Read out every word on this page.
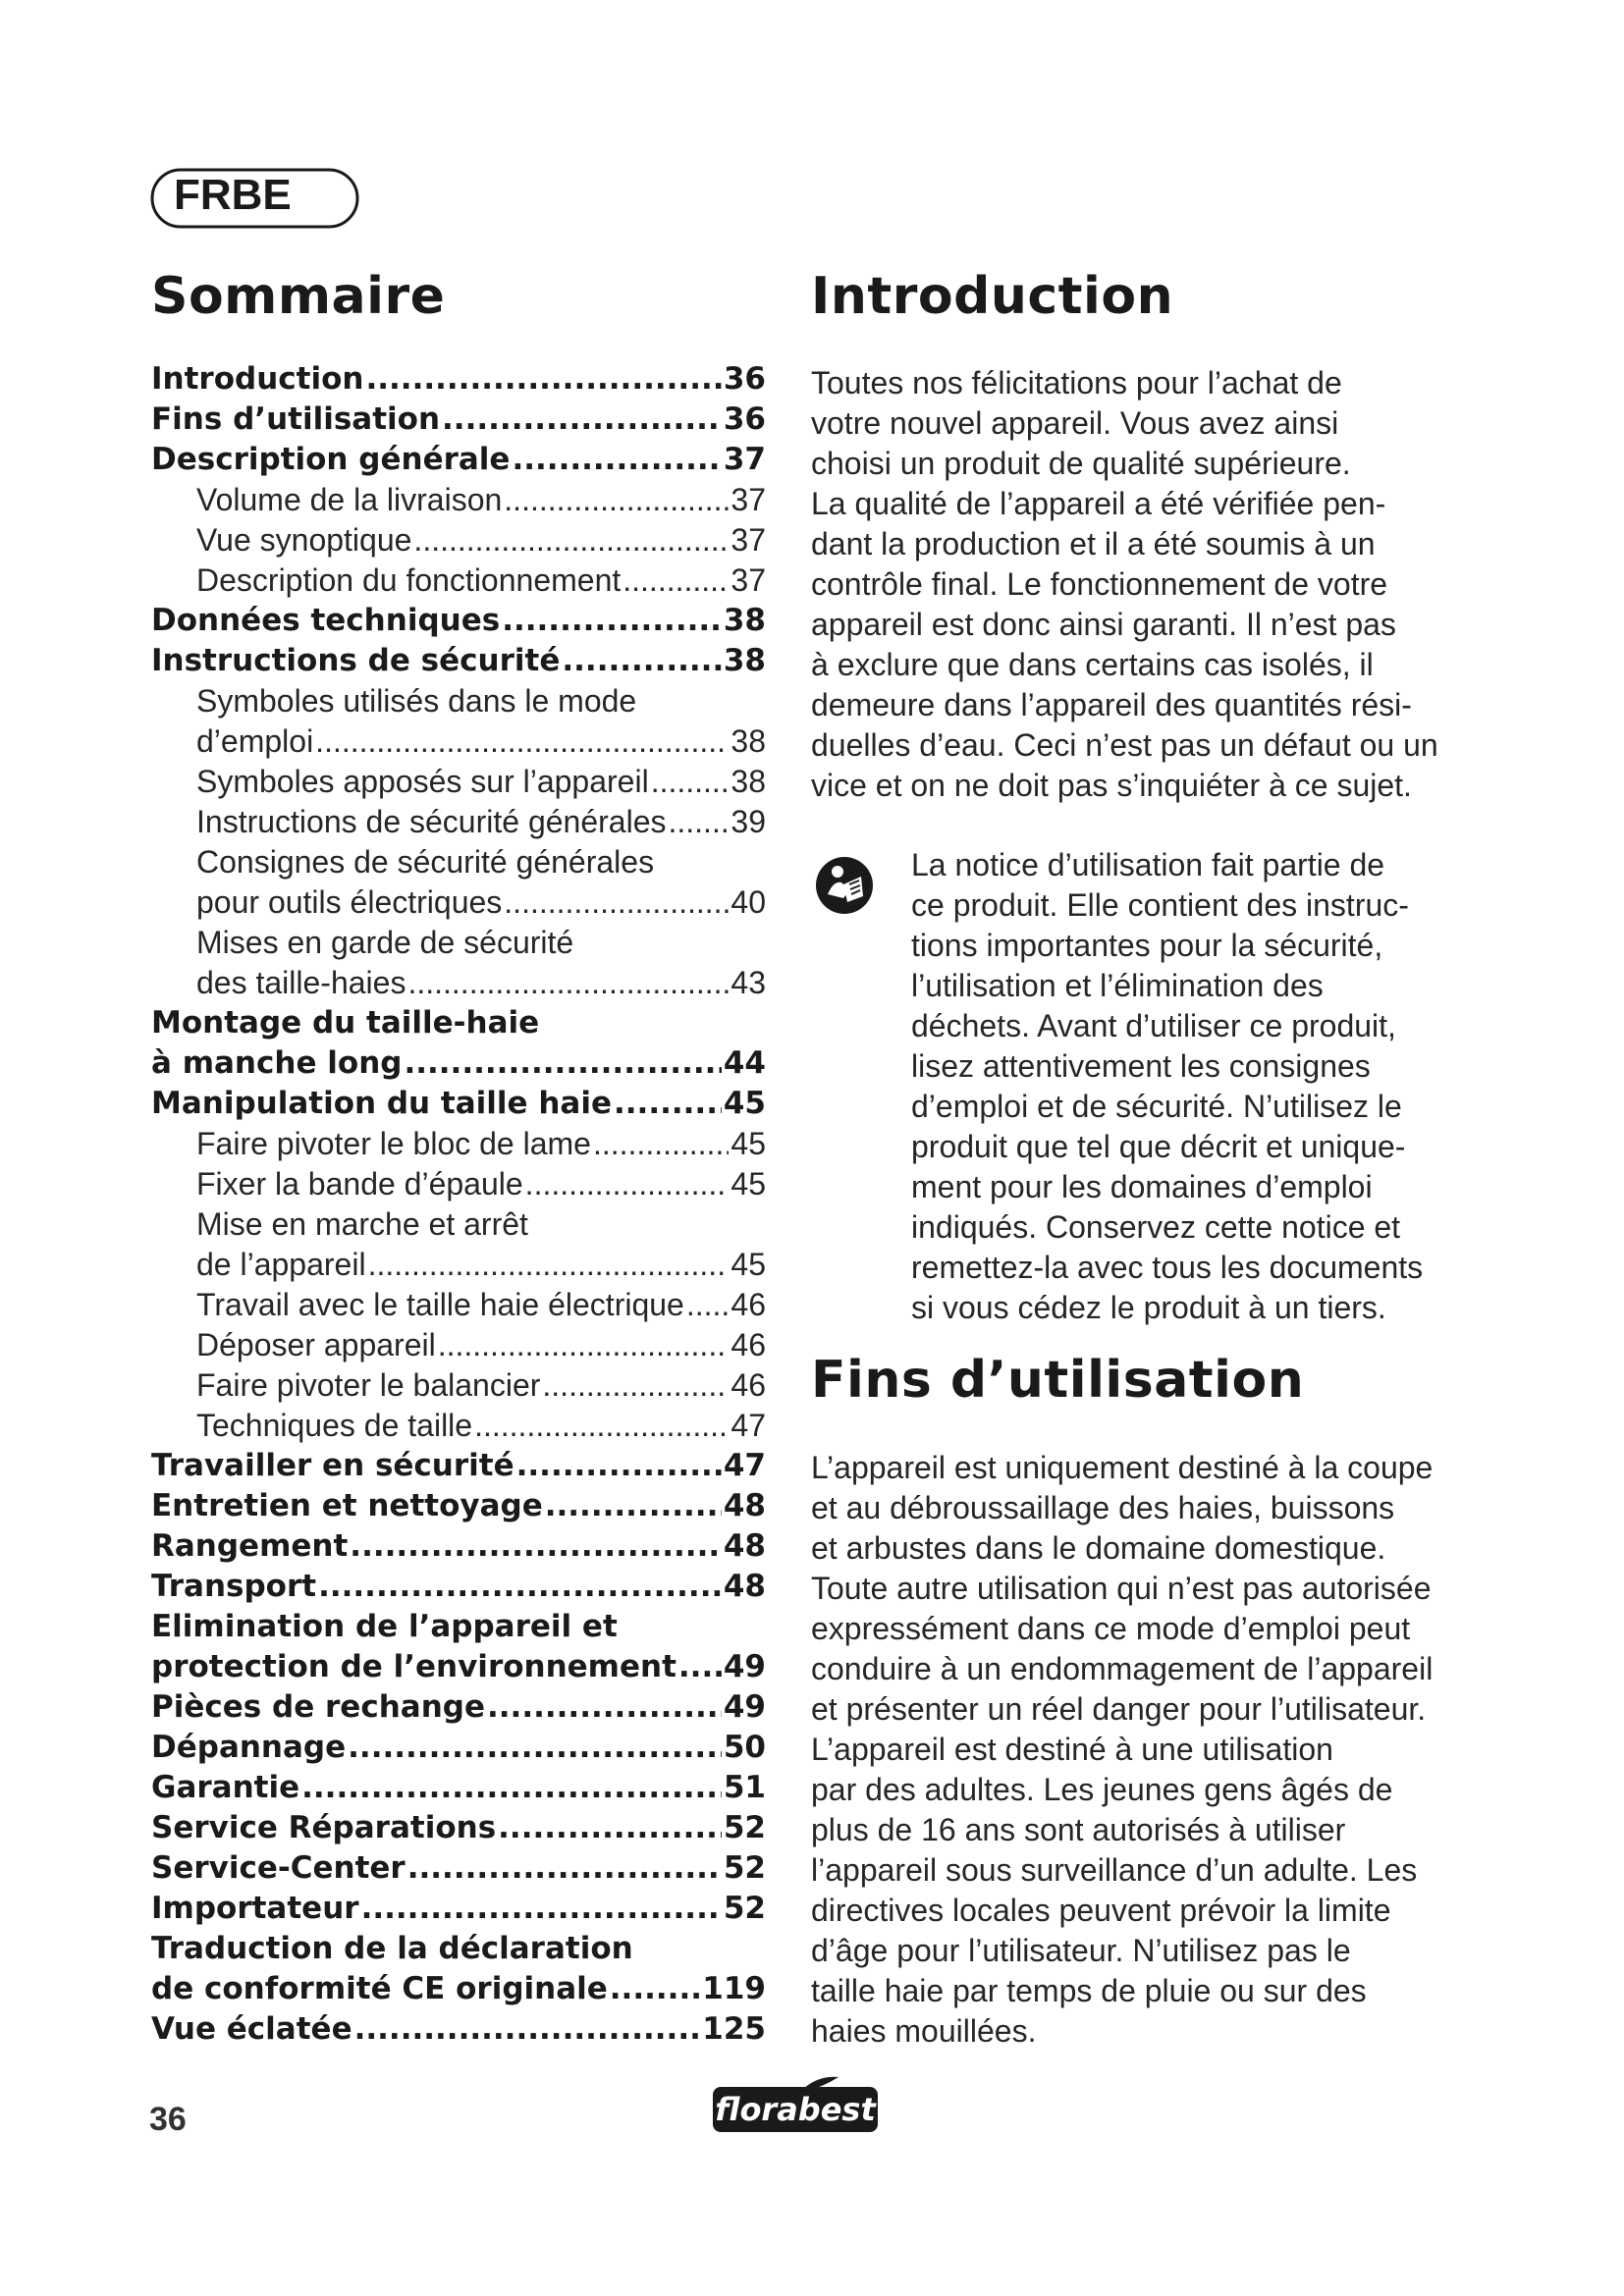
FRBE
Sommaire	Introduction
Introduction .....	36
Fins d’utilisation .....	36
Description générale .....	37
Volume de la livraison .....	37
Vue synoptique .....	37
Description du fonctionnement .....	37
Données techniques .....	38
Instructions de sécurité .....	38
Symboles utilisés dans le mode
d’emploi .....	38
Symboles apposés sur l’appareil .....	38
Instructions de sécurité générales ..... 39
Consignes de sécurité générales
pour outils électriques .....	40
Mises en garde de sécurité
des taille-haies .....	43
Montage du taille-haie
à manche long .....	44
Manipulation du taille haie .....	45
Faire pivoter le bloc de lame .....	45
Fixer la bande d’épaule .....	45
Mise en marche et arrêt
de l’appareil .....	45
Travail avec le taille haie électrique ..... 46
Déposer appareil .....	46
Faire pivoter le balancier .....	46
Techniques de taille .....	47
Travailler en sécurité .....	47
Entretien et nettoyage .....	48
Rangement .....	48
Transport .....	48
Elimination de l’appareil et
protection de l’environnement ..... 49
Pièces de rechange .....	49
Dépannage .....	50
Garantie .....	51
Service Réparations .....	52
Service-Center .....	52
Importateur .....	52
Traduction de la déclaration
de conformité CE originale .....	119
Vue éclatée .....	125

Toutes nos félicitations pour l’achat de
votre nouvel appareil. Vous avez ainsi
choisi un produit de qualité supérieure.
La qualité de l’appareil a été vérifiée pen-
dant la production et il a été soumis à un
contrôle final. Le fonctionnement de votre
appareil est donc ainsi garanti. Il n’est pas
à exclure que dans certains cas isolés, il
demeure dans l’appareil des quantités rési-
duelles d’eau. Ceci n’est pas un défaut ou un
vice et on ne doit pas s’inquiéter à ce sujet.

La notice d’utilisation fait partie de
ce produit. Elle contient des instruc-
tions importantes pour la sécurité,
l’utilisation et l’élimination des
déchets. Avant d’utiliser ce produit,
lisez attentivement les consignes
d’emploi et de sécurité. N’utilisez le
produit que tel que décrit et unique-
ment pour les domaines d’emploi
indiqués. Conservez cette notice et
remettez-la avec tous les documents
si vous cédez le produit à un tiers.

Fins d’utilisation

L’appareil est uniquement destiné à la coupe
et au débroussaillage des haies, buissons
et arbustes dans le domaine domestique.
Toute autre utilisation qui n’est pas autorisée
expressément dans ce mode d’emploi peut
conduire à un endommagement de l’appareil
et présenter un réel danger pour l’utilisateur.
L’appareil est destiné à une utilisation
par des adultes. Les jeunes gens âgés de
plus de 16 ans sont autorisés à utiliser
l’appareil sous surveillance d’un adulte. Les
directives locales peuvent prévoir la limite
d’âge pour l’utilisateur. N’utilisez pas le
taille haie par temps de pluie ou sur des
haies mouillées.

36	florabest
